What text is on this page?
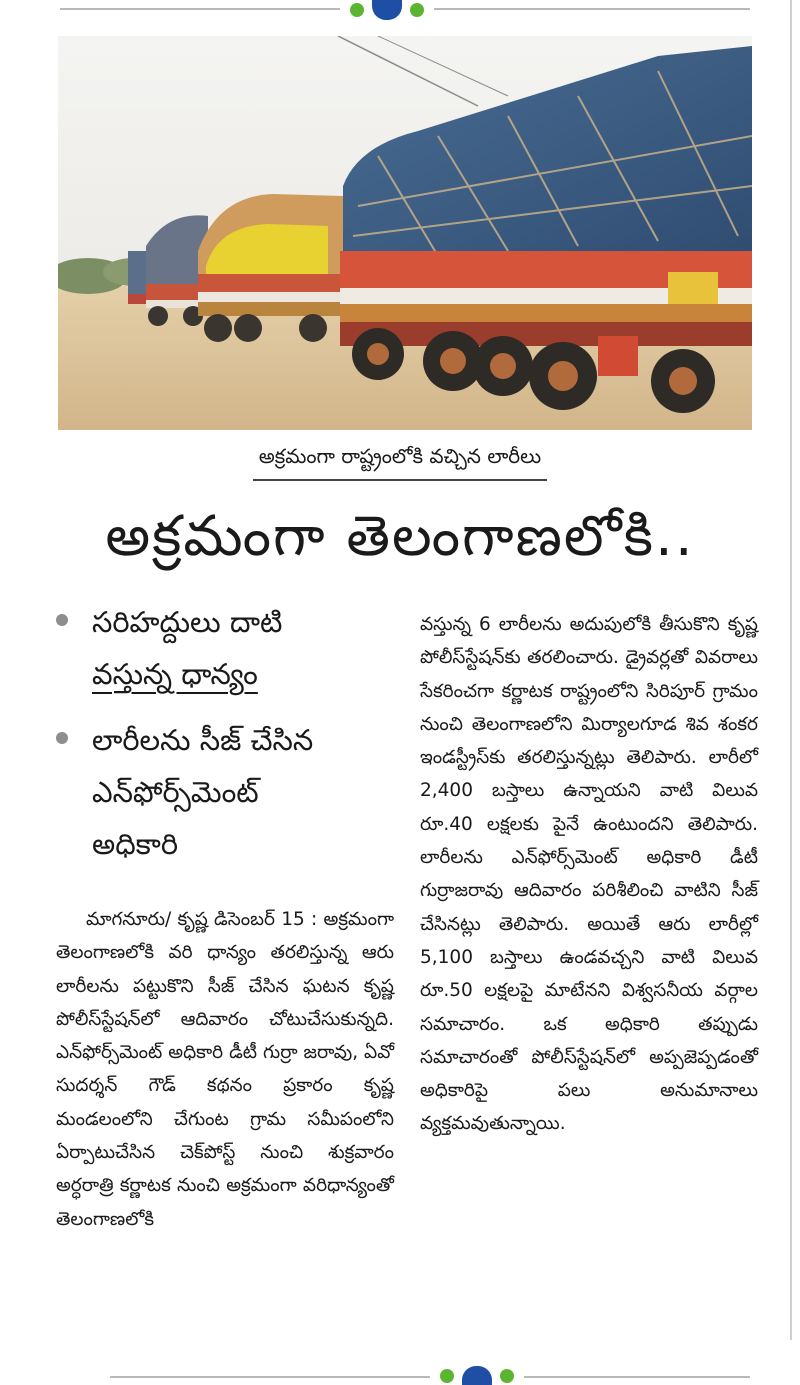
అక్రమంగా రాష్ట్రంలోకి వచ్చిన లారీలు
అక్రమంగా తెలంగాణలోకి..
సరిహద్దులు దాటి
వస్తున్న ధాన్యం
లారీలను సీజ్ చేసిన
ఎన్‌ఫోర్స్‌మెంట్
అధికారి

మాగనూరు/ కృష్ణ డిసెంబర్ 15 : అక్రమంగా తెలంగాణలోకి వరి ధాన్యం తరలిస్తున్న ఆరు లారీలను పట్టుకొని సీజ్ చేసిన ఘటన కృష్ణ పోలీస్‌స్టేషన్‌లో ఆదివారం చోటుచేసుకున్నది. ఎన్‌ఫోర్స్‌మెంట్ అధికారి డీటీ గుర్రా జరావు, ఏవో సుదర్శన్ గౌడ్ కథనం ప్రకారం కృష్ణ మండలంలోని చేగుంట గ్రామ సమీపంలోని ఏర్పాటుచేసిన చెక్‌పోస్ట్ నుంచి శుక్రవారం అర్ధరాత్రి కర్ణాటక నుంచి అక్రమంగా వరిధాన్యంతో తెలంగాణలోకి

వస్తున్న 6 లారీలను అదుపులోకి తీసుకొని కృష్ణ పోలీస్‌స్టేషన్‌కు తరలించారు. డ్రైవర్లతో వివరాలు సేకరించగా కర్ణాటక రాష్ట్రంలోని సిరిపూర్ గ్రామం నుంచి తెలంగాణలోని మిర్యాలగూడ శివ శంకర ఇండస్ట్రీస్‌కు తరలిస్తున్నట్లు తెలిపారు. లారీలో 2,400 బస్తాలు ఉన్నాయని వాటి విలువ రూ.40 లక్షలకు పైనే ఉంటుందని తెలిపారు. లారీలను ఎన్‌ఫోర్స్‌మెంట్ అధికారి డీటీ గుర్రాజరావు ఆదివారం పరిశీలించి వాటిని సీజ్ చేసినట్లు తెలిపారు. అయితే ఆరు లారీల్లో 5,100 బస్తాలు ఉండవచ్చని వాటి విలువ రూ.50 లక్షలపై మాటేనని విశ్వసనీయ వర్గాల సమాచారం. ఒక అధికారి తప్పుడు సమాచారంతో పోలీస్‌స్టేషన్‌లో అప్పజెప్పడంతో అధికారిపై పలు అనుమానాలు వ్యక్తమవుతున్నాయి.
